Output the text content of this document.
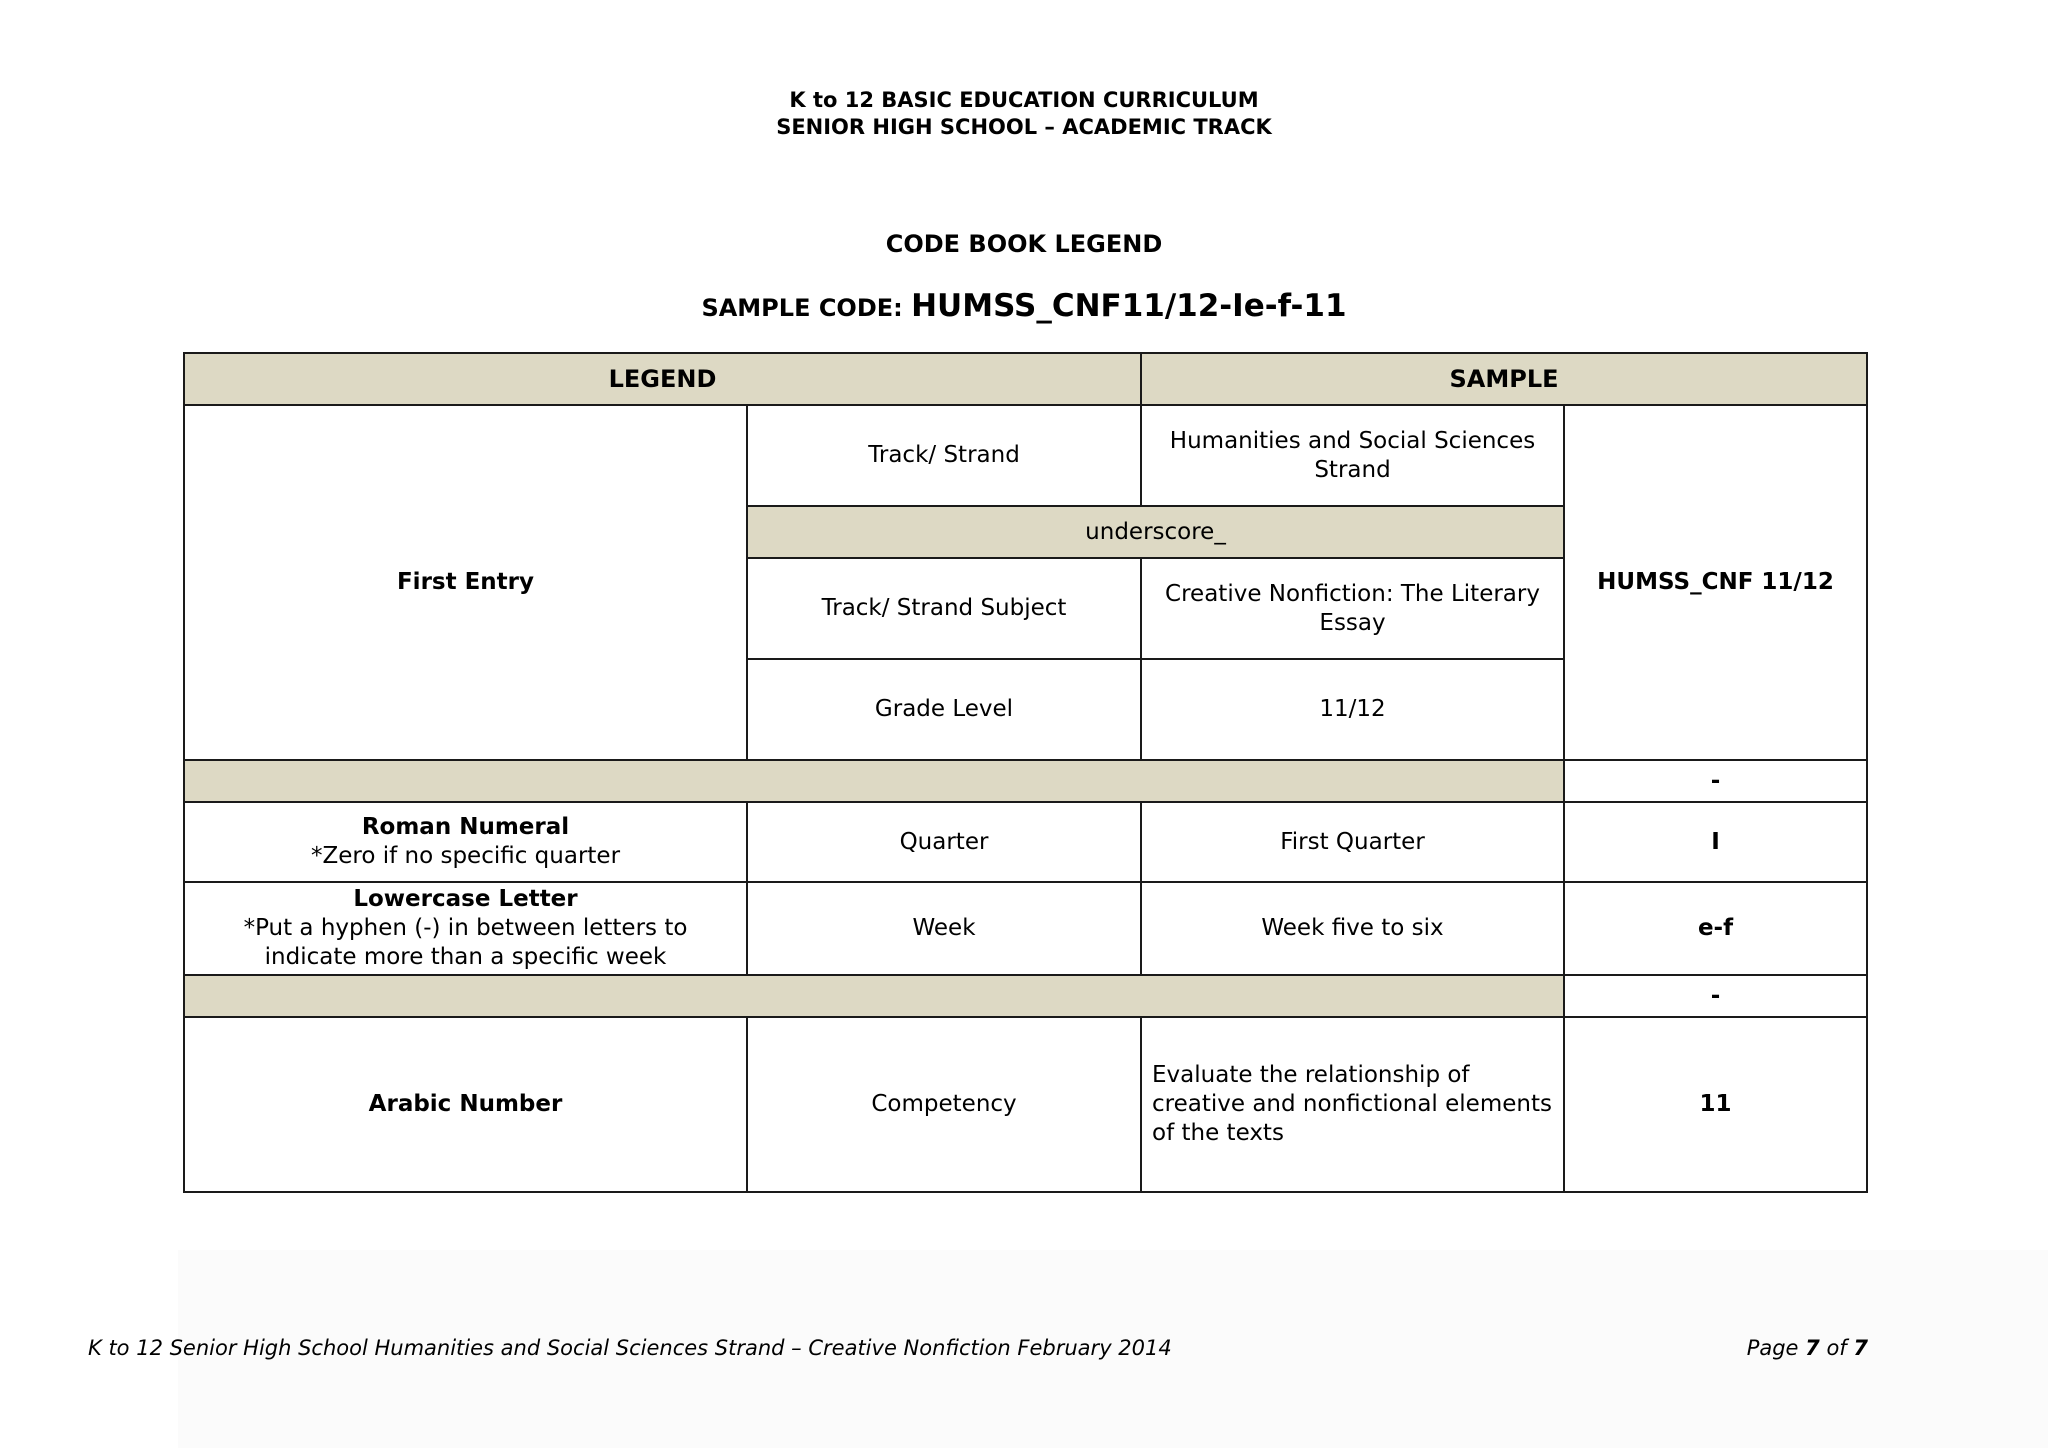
K to 12 BASIC EDUCATION CURRICULUM
SENIOR HIGH SCHOOL – ACADEMIC TRACK
CODE BOOK LEGEND
SAMPLE CODE: HUMSS_CNF11/12-Ie-f-11
LEGEND		SAMPLE	
First Entry	Track/ Strand	Humanities and Social Sciences Strand	HUMSS_CNF 11/12
	underscore_		
	Track/ Strand Subject	Creative Nonfiction: The Literary Essay	
	Grade Level	11/12	
			-

Roman Numeral
*Zero if no specific quarter	Quarter	First Quarter	I

Lowercase Letter
*Put a hyphen (-) in between letters to indicate more than a specific week	Week	Week five to six	e-f
			-
Arabic Number	Competency	Evaluate the relationship of creative and nonfictional elements of the texts	11
K to 12 Senior High School Humanities and Social Sciences Strand – Creative Nonfiction February 2014	Page 7 of 7
